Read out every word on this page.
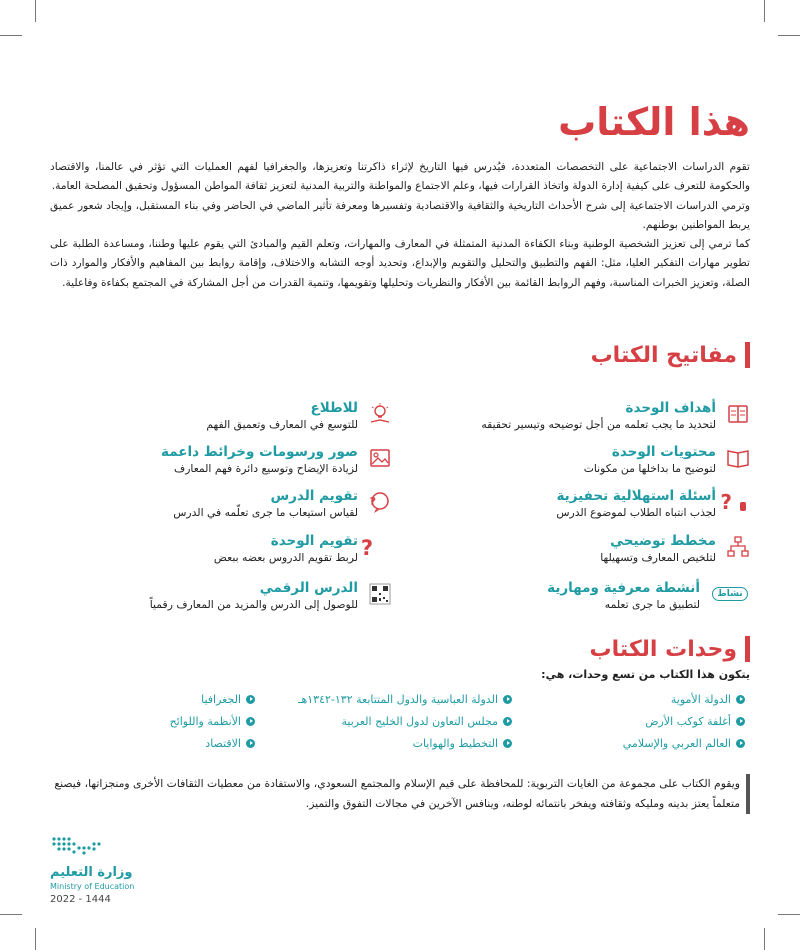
هذا الكتاب

تقوم الدراسات الاجتماعية على التخصصات المتعددة، فيُدرس فيها التاريخ لإثراء ذاكرتنا وتعزيزها، والجغرافيا لفهم العمليات التي تؤثر في عالمنا، والاقتصاد والحكومة للتعرف على كيفية إدارة الدولة واتخاذ القرارات فيها، وعلم الاجتماع والمواطنة والتربية المدنية لتعزيز ثقافة المواطن المسؤول وتحقيق المصلحة العامة.

وترمي الدراسات الاجتماعية إلى شرح الأحداث التاريخية والثقافية والاقتصادية وتفسيرها ومعرفة تأثير الماضي في الحاضر وفي بناء المستقبل، وإيجاد شعور عميق يربط المواطنين بوطنهم.

كما ترمي إلى تعزيز الشخصية الوطنية وبناء الكفاءة المدنية المتمثلة في المعارف والمهارات، وتعلم القيم والمبادئ التي يقوم عليها وطننا، ومساعدة الطلبة على تطوير مهارات التفكير العليا، مثل: الفهم والتطبيق والتحليل والتقويم والإبداع، وتحديد أوجه التشابه والاختلاف، وإقامة روابط بين المفاهيم والأفكار والموارد ذات الصلة، وتعزيز الخبرات المناسبة، وفهم الروابط القائمة بين الأفكار والنظريات وتحليلها وتقويمها، وتنمية القدرات من أجل المشاركة في المجتمع بكفاءة وفاعلية.

مفاتيح الكتاب
أهداف الوحدة
لتحديد ما يجب تعلمه من أجل توضيحه وتيسير تحقيقه
محتويات الوحدة
لتوضيح ما بداخلها من مكونات
?
أسئلة استهلالية تحفيزية
لجذب انتباه الطلاب لموضوع الدرس
مخطط توضيحي
لتلخيص المعارف وتسهيلها
نشاط
أنشطة معرفية ومهارية
لتطبيق ما جرى تعلمه
للاطلاع
للتوسع في المعارف وتعميق الفهم
صور ورسومات وخرائط داعمة
لزيادة الإيضاح وتوسيع دائرة فهم المعارف
?
تقويم الدرس
لقياس استيعاب ما جرى تعلّمه في الدرس
?
تقويم الوحدة
لربط تقويم الدروس بعضه ببعض
الدرس الرقمي
للوصول إلى الدرس والمزيد من المعارف رقمياً
وحدات الكتاب
يتكون هذا الكتاب من تسع وحدات، هي:
الدولة الأموية
الدولة العباسية والدول المتتابعة ١٣٢-١٣٤٢هـ
الجغرافيا
أغلفة كوكب الأرض
مجلس التعاون لدول الخليج العربية
الأنظمة واللوائح
العالم العربي والإسلامي
التخطيط والهوايات
الاقتصاد
ويقوم الكتاب على مجموعة من الغايات التربوية: للمحافظة على قيم الإسلام والمجتمع السعودي، والاستفادة من معطيات الثقافات الأخرى ومنجزاتها، فيصنع متعلماً يعتز بدينه ومليكه وثقافته ويفخر بانتمائه لوطنه، وينافس الآخرين في مجالات التفوق والتميز.
وزارة التعليم
Ministry of Education
2022 - 1444
